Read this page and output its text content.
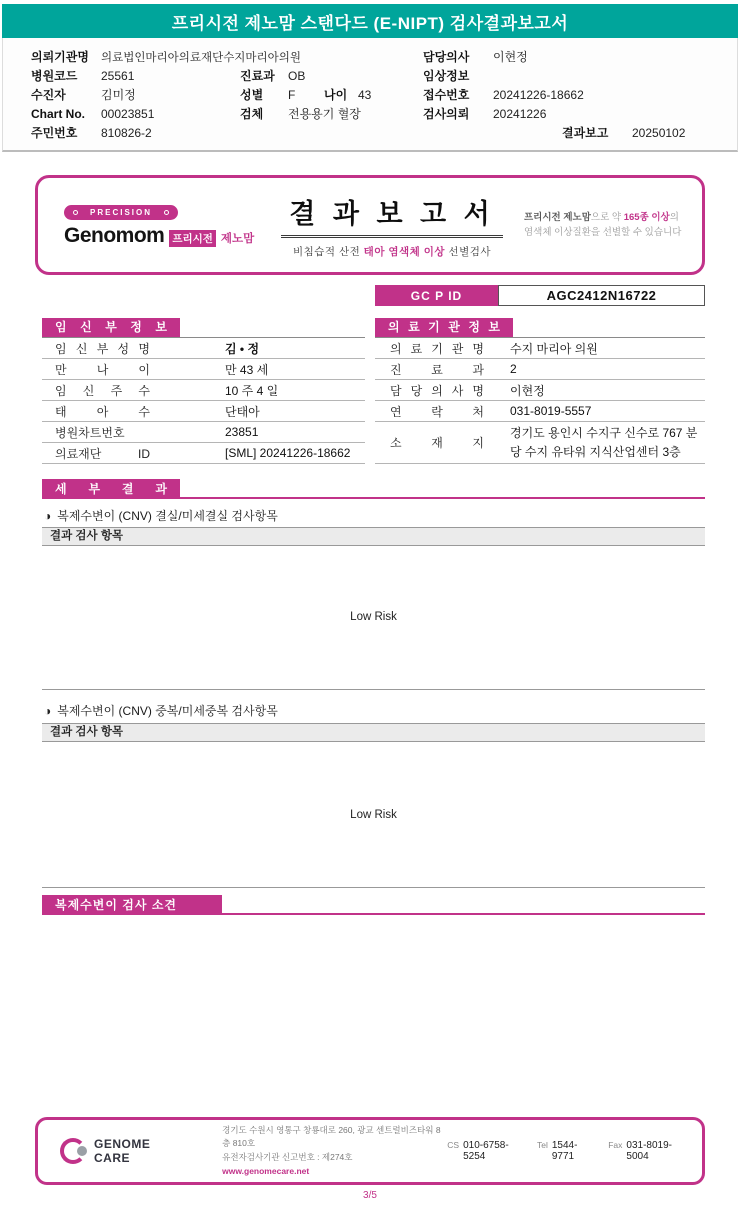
프리시전 제노맘 스탠다드 (E-NIPT) 검사결과보고서
의뢰기관명	의료법인마리아의료재단수지마리아의원	담당의사	이현정
병원코드	25561	진료과	OB	임상정보
수진자	김미정	성별	F	나이 43	접수번호	20241226-18662
Chart No.	00023851	검체	전용용기 혈장	검사의뢰	20241226
주민번호	810826-2	결과보고	20250102
PRECISION
Genomom 프리시전 제노맘
결 과 보 고 서
비침습적 산전 태아 염색체 이상 선별검사
프리시전 제노맘으로 약 165종 이상의
염색체 이상질환을 선별할 수 있습니다
GC P ID	AGC2412N16722
임 신 부 정 보
임 신 부 성 명	김 • 정
만 나 이	만 43 세
임 신 주 수	10 주 4 일
태 아 수	단태아
병원차트번호	23851
의료재단 ID	[SML] 20241226-18662
의 료 기 관 정 보
의 료 기 관 명	수지 마리아 의원
진 료 과	2
담 당 의 사 명	이현정
연 락 처	031-8019-5557
소 재 지
경기도 용인시 수지구 신수로 767 분당 수지 유타워 지식산업센터 3층
세 부 결 과
◑ 복제수변이 (CNV) 결실/미세결실 검사항목
결과 검사 항목
Low Risk
◑ 복제수변이 (CNV) 중복/미세중복 검사항목
결과 검사 항목
Low Risk
복제수변이 검사 소견
GENOME CARE
경기도 수원시 영통구 창룡대로 260, 광교 센트럴비즈타워 8층 810호
유전자검사기관 신고번호 : 제274호
www.genomecare.net
CS 010-6758-5254
Tel 1544-9771
Fax 031-8019-5004
3/5
